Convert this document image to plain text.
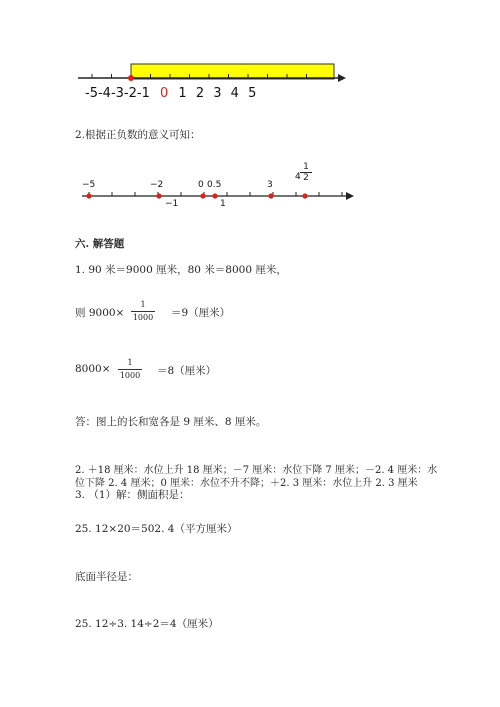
-5-4-3-2-1 0 1 2 3 4 5
2.根据正负数的意义可知：
−5	−2	0 0.5	3
4
1
2
−1	1
六. 解答题
1. 90 米＝9000 厘米，80 米＝8000 厘米，
则 9000×
1
1000 ＝9（厘米）
8000×
1
1000 ＝8（厘米）
答：图上的长和宽各是 9 厘米、8 厘米。
2. ＋18 厘米：水位上升 18 厘米；－7 厘米：水位下降 7 厘米；－2. 4 厘米：水
位下降 2. 4 厘米；0 厘米：水位不升不降；＋2. 3 厘米：水位上升 2. 3 厘米
3. （1）解：侧面积是：
25. 12×20＝502. 4（平方厘米）
底面半径是：
25. 12÷3. 14÷2＝4（厘米）
